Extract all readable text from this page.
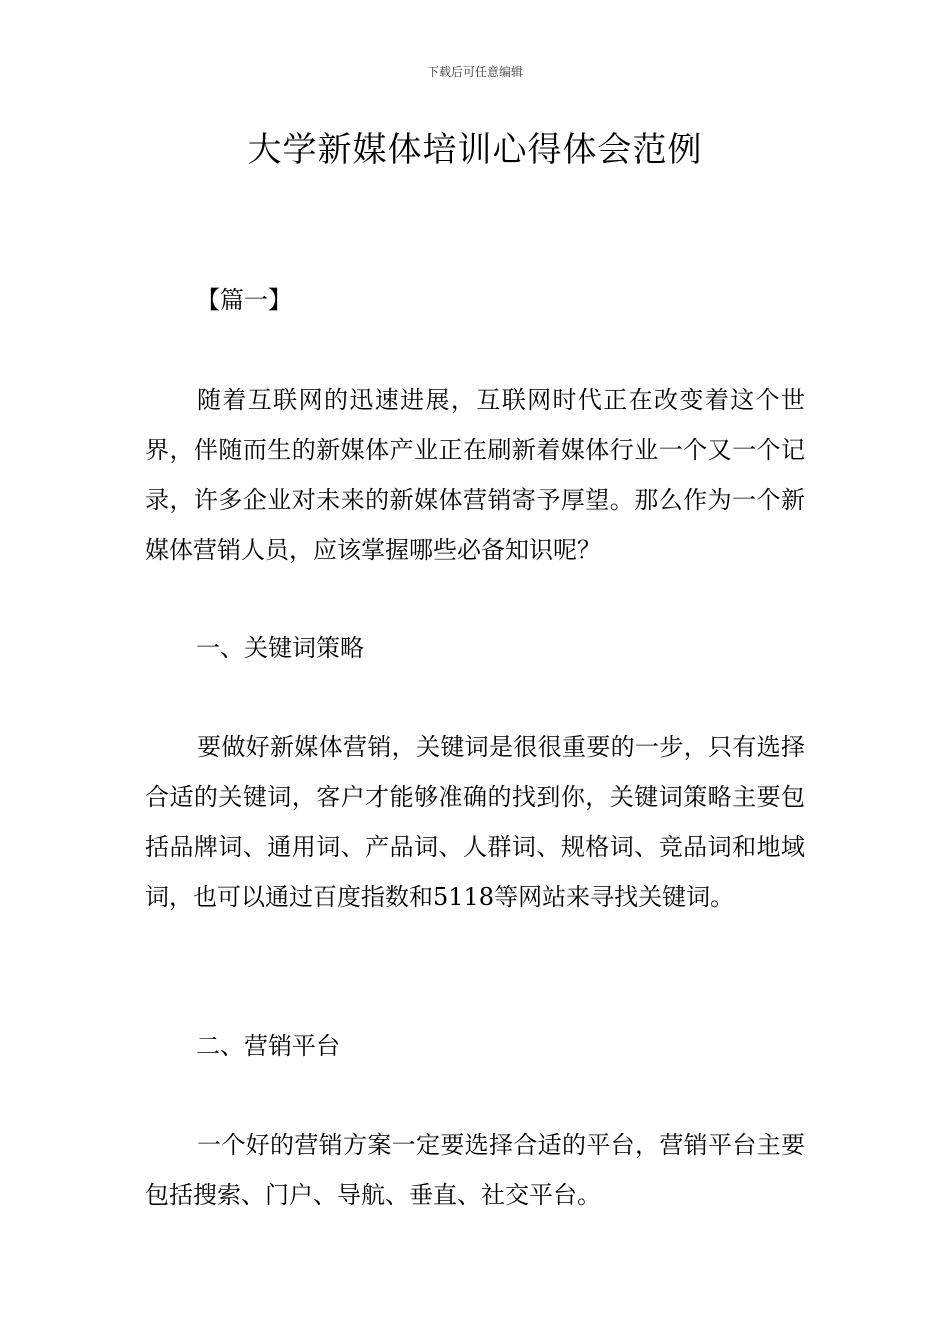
下载后可任意编辑
大学新媒体培训心得体会范例

【篇一】

随着互联网的迅速进展，互联网时代正在改变着这个世界，伴随而生的新媒体产业正在刷新着媒体行业一个又一个记录，许多企业对未来的新媒体营销寄予厚望。那么作为一个新媒体营销人员，应该掌握哪些必备知识呢？

一、关键词策略

要做好新媒体营销，关键词是很很重要的一步，只有选择合适的关键词，客户才能够准确的找到你，关键词策略主要包括品牌词、通用词、产品词、人群词、规格词、竞品词和地域词，也可以通过百度指数和5118等网站来寻找关键词。

二、营销平台

一个好的营销方案一定要选择合适的平台，营销平台主要包括搜索、门户、导航、垂直、社交平台。
